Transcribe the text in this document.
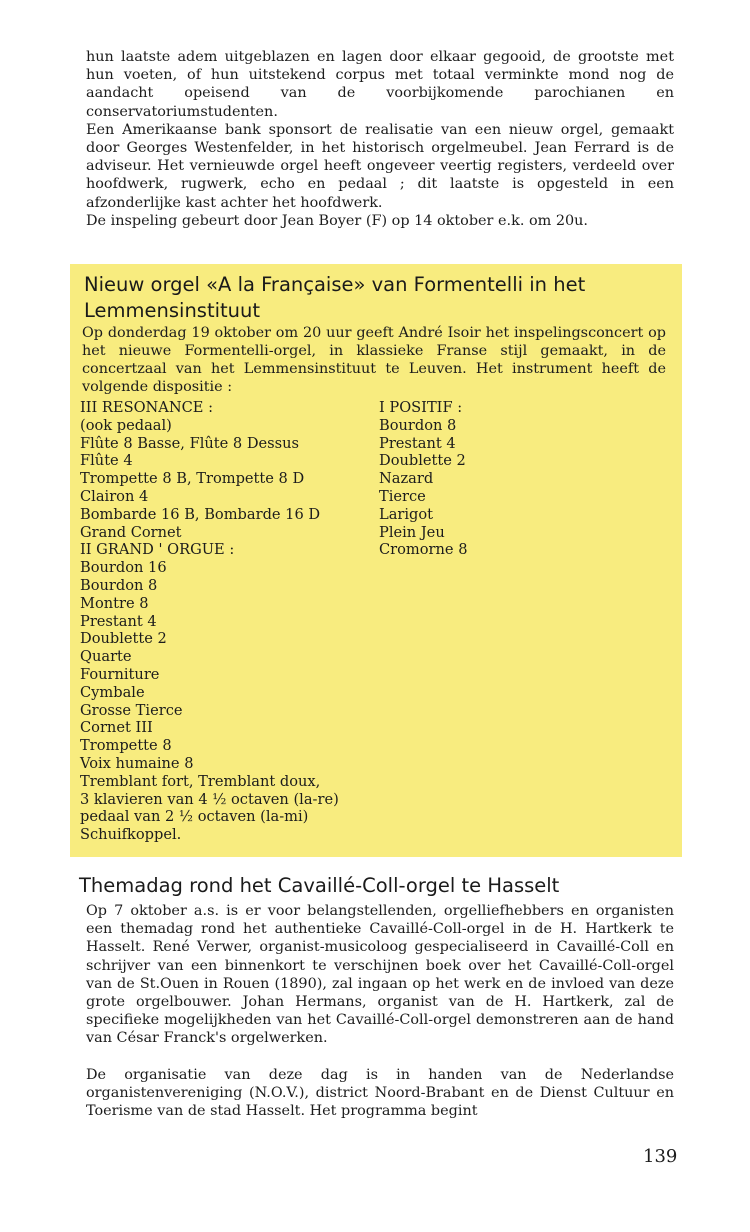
hun laatste adem uitgeblazen en lagen door elkaar gegooid, de grootste met hun voeten, of hun uitstekend corpus met totaal verminkte mond nog de aandacht opeisend van de voorbijkomende parochianen en conservatoriumstudenten.
Een Amerikaanse bank sponsort de realisatie van een nieuw orgel, gemaakt door Georges Westenfelder, in het historisch orgelmeubel. Jean Ferrard is de adviseur. Het vernieuwde orgel heeft ongeveer veertig registers, verdeeld over hoofdwerk, rugwerk, echo en pedaal ; dit laatste is opgesteld in een afzonderlijke kast achter het hoofdwerk.
De inspeling gebeurt door Jean Boyer (F) op 14 oktober e.k. om 20u.
Nieuw orgel «A la Française» van Formentelli in het Lemmensinstituut

Op donderdag 19 oktober om 20 uur geeft André Isoir het inspelingsconcert op het nieuwe Formentelli-orgel, in klassieke Franse stijl gemaakt, in de concertzaal van het Lemmensinstituut te Leuven. Het instrument heeft de volgende dispositie :

III RESONANCE :
(ook pedaal)
Flûte 8 Basse, Flûte 8 Dessus
Flûte 4
Trompette 8 B, Trompette 8 D
Clairon 4
Bombarde 16 B, Bombarde 16 D
Grand Cornet
II GRAND ' ORGUE :
Bourdon 16
Bourdon 8
Montre 8
Prestant 4
Doublette 2
Quarte
Fourniture
Cymbale
Grosse Tierce
Cornet III
Trompette 8
Voix humaine 8
Tremblant fort, Tremblant doux,
3 klavieren van 4 ½ octaven (la-re)
pedaal van 2 ½ octaven (la-mi)
Schuifkoppel.
I POSITIF :
Bourdon 8
Prestant 4
Doublette 2
Nazard
Tierce
Larigot
Plein Jeu
Cromorne 8
Themadag rond het Cavaillé-Coll-orgel te Hasselt

Op 7 oktober a.s. is er voor belangstellenden, orgelliefhebbers en organisten een themadag rond het authentieke Cavaillé-Coll-orgel in de H. Hartkerk te Hasselt. René Verwer, organist-musicoloog gespecialiseerd in Cavaillé-Coll en schrijver van een binnenkort te verschijnen boek over het Cavaillé-Coll-orgel van de St.Ouen in Rouen (1890), zal ingaan op het werk en de invloed van deze grote orgelbouwer. Johan Hermans, organist van de H. Hartkerk, zal de specifieke mogelijkheden van het Cavaillé-Coll-orgel demonstreren aan de hand van César Franck's orgelwerken.

De organisatie van deze dag is in handen van de Nederlandse organistenvereniging (N.O.V.), district Noord-Brabant en de Dienst Cultuur en Toerisme van de stad Hasselt. Het programma begint

139
